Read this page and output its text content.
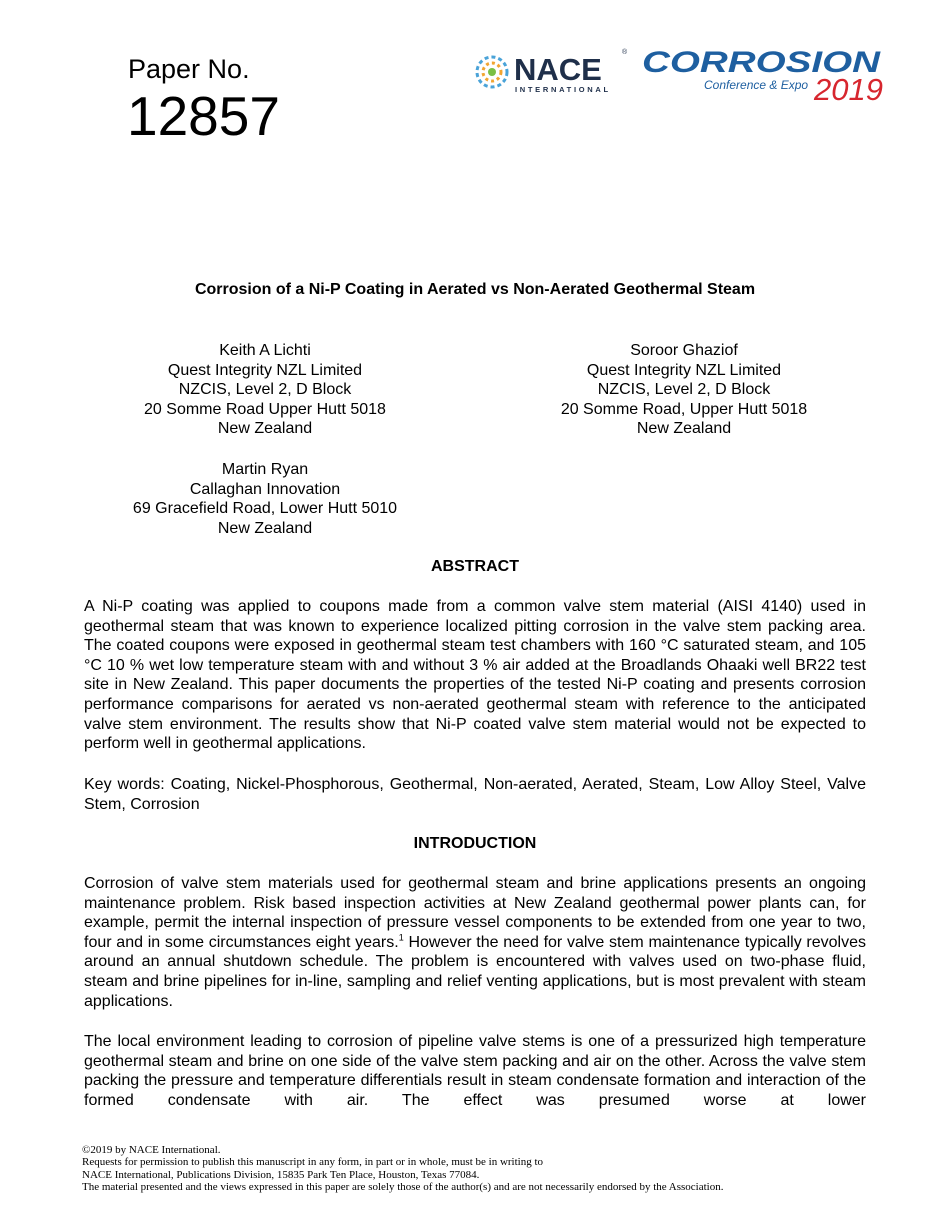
Paper No.
12857
NACE	®
INTERNATIONAL
CORROSION
Conference & Expo 2019
Corrosion of a Ni-P Coating in Aerated vs Non-Aerated Geothermal Steam
Keith A Lichti
Quest Integrity NZL Limited
NZCIS, Level 2, D Block
20 Somme Road Upper Hutt 5018
New Zealand
Soroor Ghaziof
Quest Integrity NZL Limited
NZCIS, Level 2, D Block
20 Somme Road, Upper Hutt 5018
New Zealand
Martin Ryan
Callaghan Innovation
69 Gracefield Road, Lower Hutt 5010
New Zealand
ABSTRACT
A Ni-P coating was applied to coupons made from a common valve stem material (AISI 4140) used in geothermal steam that was known to experience localized pitting corrosion in the valve stem packing area. The coated coupons were exposed in geothermal steam test chambers with 160 °C saturated steam, and 105 °C 10 % wet low temperature steam with and without 3 % air added at the Broadlands Ohaaki well BR22 test site in New Zealand. This paper documents the properties of the tested Ni-P coating and presents corrosion performance comparisons for aerated vs non-aerated geothermal steam with reference to the anticipated valve stem environment. The results show that Ni-P coated valve stem material would not be expected to perform well in geothermal applications.
Key words: Coating, Nickel-Phosphorous, Geothermal, Non-aerated, Aerated, Steam, Low Alloy Steel, Valve Stem, Corrosion
INTRODUCTION
Corrosion of valve stem materials used for geothermal steam and brine applications presents an ongoing maintenance problem. Risk based inspection activities at New Zealand geothermal power plants can, for example, permit the internal inspection of pressure vessel components to be extended from one year to two, four and in some circumstances eight years.$^1$ However the need for valve stem maintenance typically revolves around an annual shutdown schedule. The problem is encountered with valves used on two-phase fluid, steam and brine pipelines for in-line, sampling and relief venting applications, but is most prevalent with steam applications.
The local environment leading to corrosion of pipeline valve stems is one of a pressurized high temperature geothermal steam and brine on one side of the valve stem packing and air on the other. Across the valve stem packing the pressure and temperature differentials result in steam condensate formation and interaction of the formed condensate with air. The effect was presumed worse at lower
©2019 by NACE International.
Requests for permission to publish this manuscript in any form, in part or in whole, must be in writing to
NACE International, Publications Division, 15835 Park Ten Place, Houston, Texas 77084.
The material presented and the views expressed in this paper are solely those of the author(s) and are not necessarily endorsed by the Association.
